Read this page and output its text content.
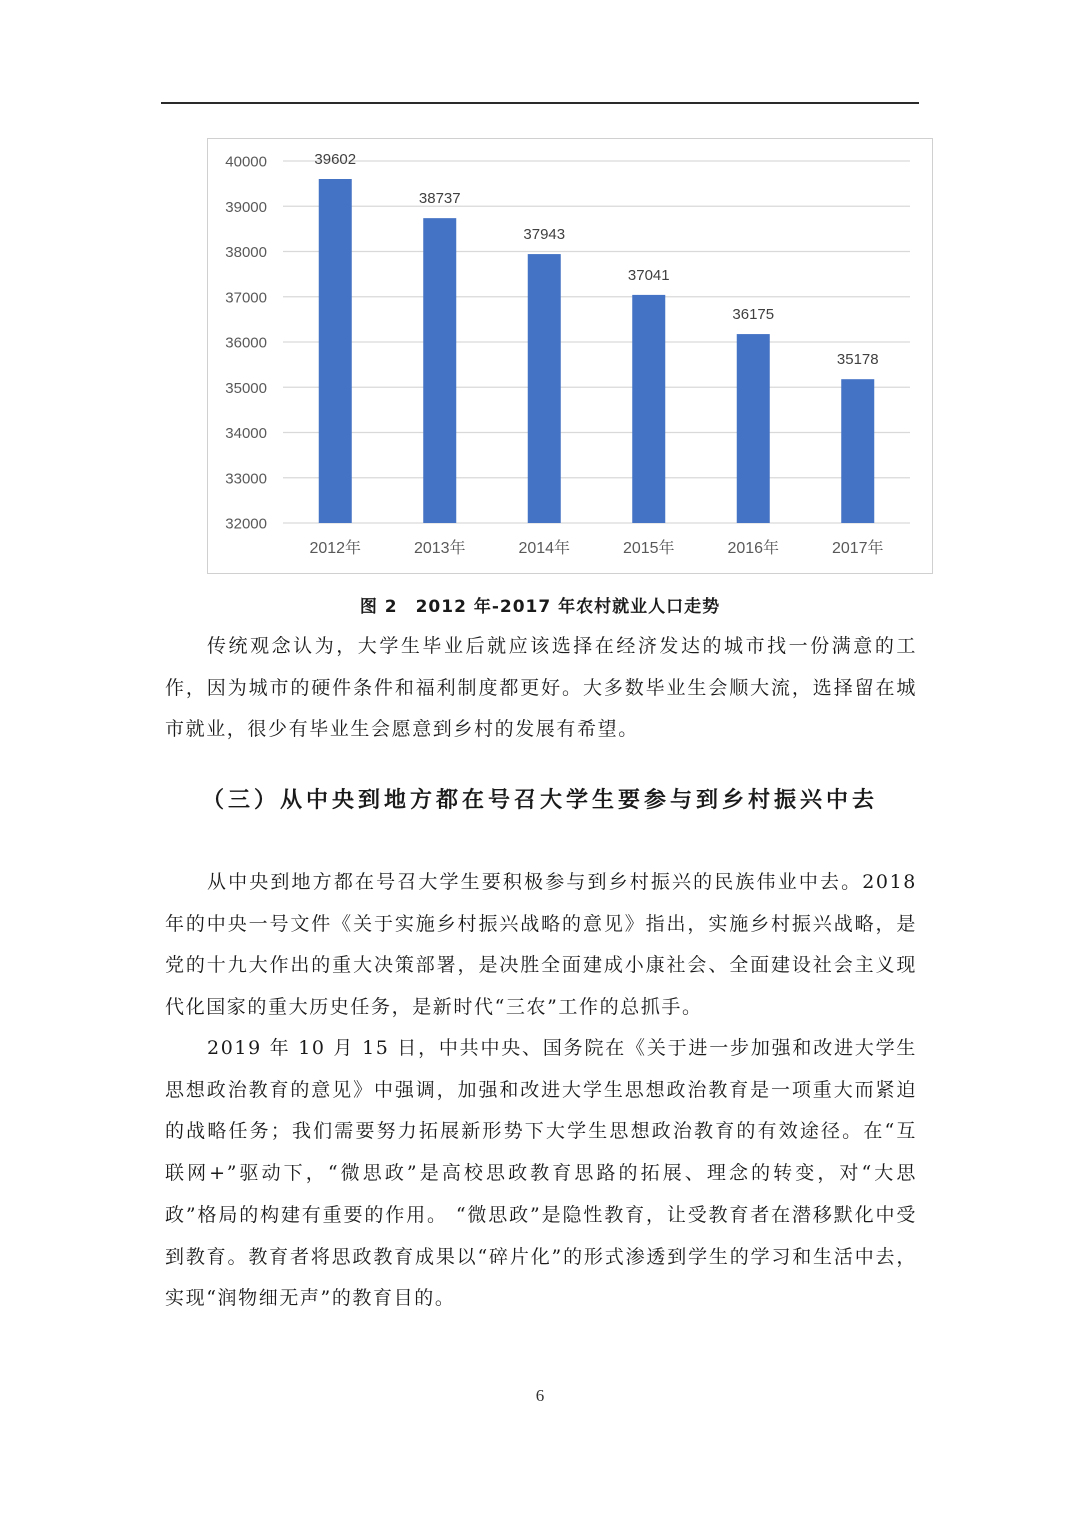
32000
33000
34000
35000
36000
37000
38000
39000
40000	39602
2012年
38737
2013年
37943
2014年
37041
2015年
36175
2016年
35178
2017年
图 2　2012 年-2017 年农村就业人口走势

传统观念认为，大学生毕业后就应该选择在经济发达的城市找一份满意的工作，因为城市的硬件条件和福利制度都更好。大多数毕业生会顺大流，选择留在城市就业，很少有毕业生会愿意到乡村的发展有希望。

（三）从中央到地方都在号召大学生要参与到乡村振兴中去

从中央到地方都在号召大学生要积极参与到乡村振兴的民族伟业中去。2018 年的中央一号文件《关于实施乡村振兴战略的意见》指出，实施乡村振兴战略，是党的十九大作出的重大决策部署，是决胜全面建成小康社会、全面建设社会主义现代化国家的重大历史任务，是新时代“三农”工作的总抓手。

2019 年 10 月 15 日，中共中央、国务院在《关于进一步加强和改进大学生思想政治教育的意见》中强调，加强和改进大学生思想政治教育是一项重大而紧迫的战略任务；我们需要努力拓展新形势下大学生思想政治教育的有效途径。在“互联网+”驱动下，“微思政”是高校思政教育思路的拓展、理念的转变，对“大思政”格局的构建有重要的作用。 “微思政”是隐性教育，让受教育者在潜移默化中受到教育。教育者将思政教育成果以“碎片化”的形式渗透到学生的学习和生活中去，实现“润物细无声”的教育目的。

6
